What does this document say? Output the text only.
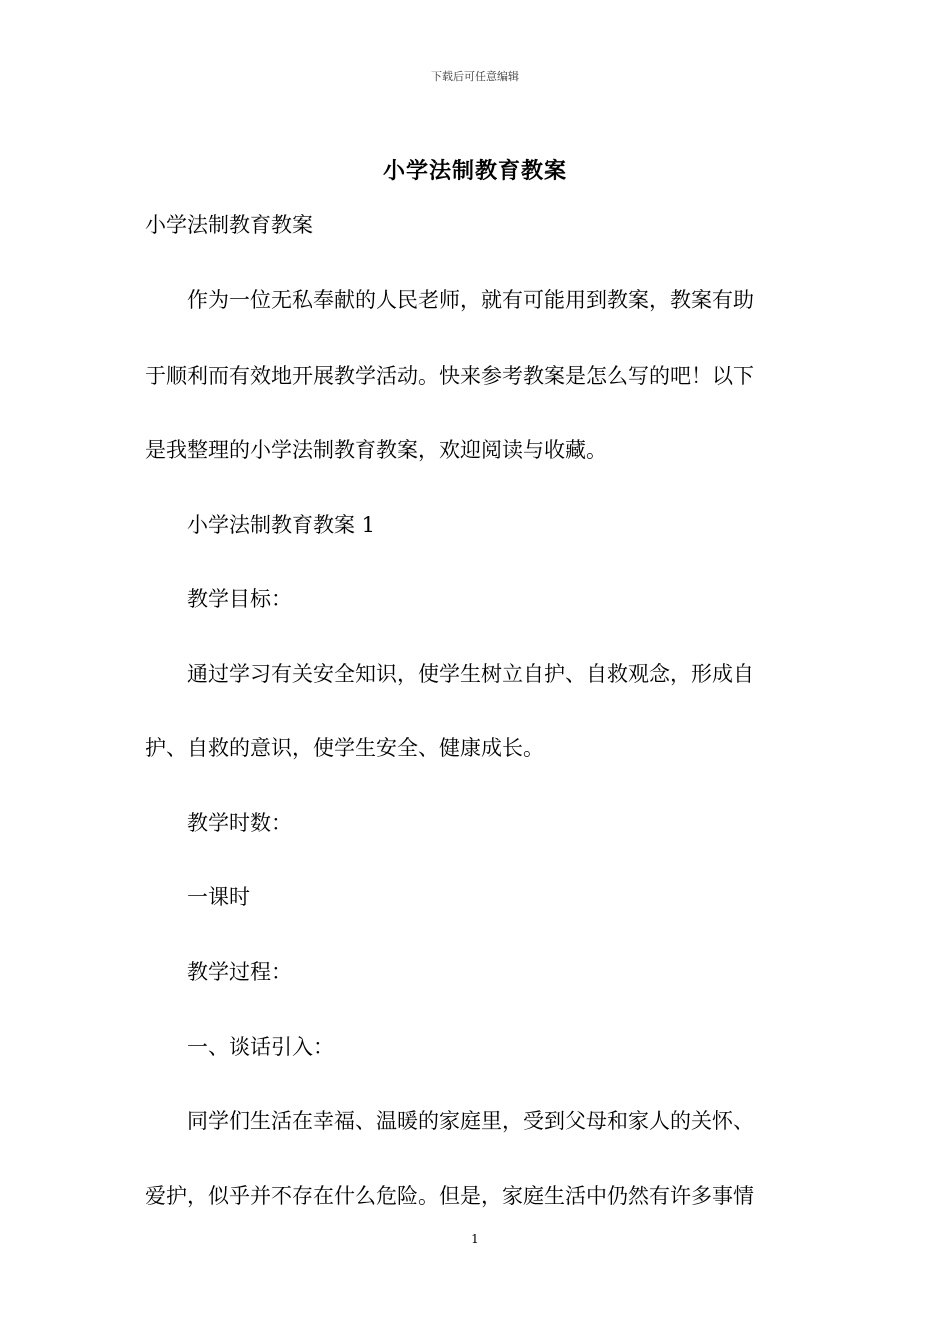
下载后可任意编辑
小学法制教育教案
小学法制教育教案
　　作为一位无私奉献的人民老师，就有可能用到教案，教案有助
于顺利而有效地开展教学活动。快来参考教案是怎么写的吧！以下
是我整理的小学法制教育教案，欢迎阅读与收藏。
　　小学法制教育教案 1
　　教学目标：
　　通过学习有关安全知识，使学生树立自护、自救观念，形成自
护、自救的意识，使学生安全、健康成长。
　　教学时数：
　　一课时
　　教学过程：
　　一、谈话引入：
　　同学们生活在幸福、温暖的家庭里，受到父母和家人的关怀、
爱护，似乎并不存在什么危险。但是，家庭生活中仍然有许多事情
1
